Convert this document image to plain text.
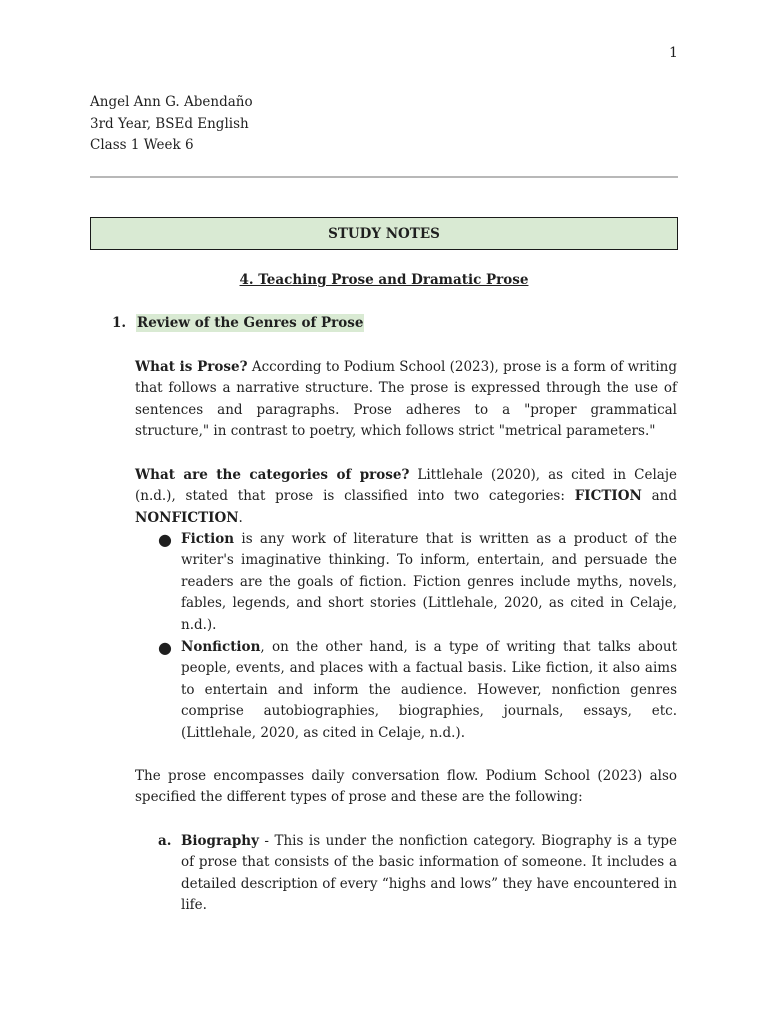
1
Angel Ann G. Abendaño
3rd Year, BSEd English
Class 1 Week 6
STUDY NOTES
4. Teaching Prose and Dramatic Prose
1. Review of the Genres of Prose

What is Prose? According to Podium School (2023), prose is a form of writing that follows a narrative structure. The prose is expressed through the use of sentences and paragraphs. Prose adheres to a "proper grammatical structure," in contrast to poetry, which follows strict "metrical parameters."

What are the categories of prose? Littlehale (2020), as cited in Celaje (n.d.), stated that prose is classified into two categories: FICTION and NONFICTION.

● Fiction is any work of literature that is written as a product of the writer's imaginative thinking. To inform, entertain, and persuade the readers are the goals of fiction. Fiction genres include myths, novels, fables, legends, and short stories (Littlehale, 2020, as cited in Celaje, n.d.).
● Nonfiction, on the other hand, is a type of writing that talks about people, events, and places with a factual basis. Like fiction, it also aims to entertain and inform the audience. However, nonfiction genres comprise autobiographies, biographies, journals, essays, etc. (Littlehale, 2020, as cited in Celaje, n.d.).

The prose encompasses daily conversation flow. Podium School (2023) also specified the different types of prose and these are the following:

a. Biography - This is under the nonfiction category. Biography is a type of prose that consists of the basic information of someone. It includes a detailed description of every “highs and lows” they have encountered in life.
